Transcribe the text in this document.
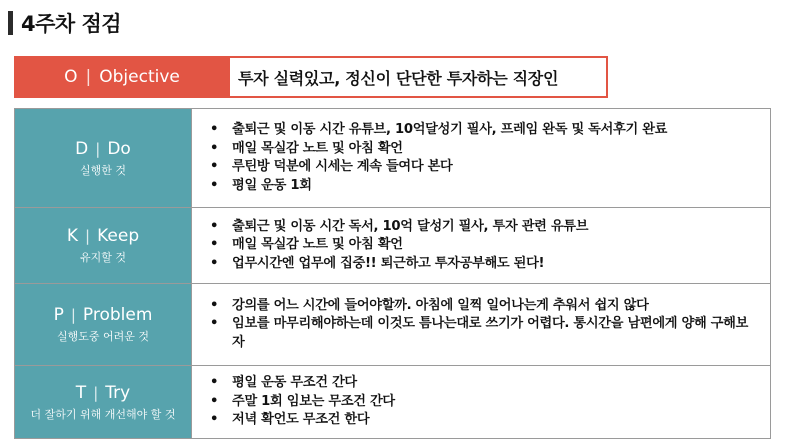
4주차 점검
O | Objective	투자 실력있고, 정신이 단단한 투자하는 직장인
D | Do
실행한 것
• 출퇴근 및 이동 시간 유튜브, 10억달성기 필사, 프레임 완독 및 독서후기 완료
• 매일 목실감 노트 및 아침 확언
• 루틴방 덕분에 시세는 계속 들여다 본다
• 평일 운동 1회
K | Keep
유지할 것
• 출퇴근 및 이동 시간 독서, 10억 달성기 필사, 투자 관련 유튜브
• 매일 목실감 노트 및 아침 확언
• 업무시간엔 업무에 집중!! 퇴근하고 투자공부해도 된다!
P | Problem
실행도중 어려운 것
• 강의를 어느 시간에 들어야할까. 아침에 일찍 일어나는게 추워서 쉽지 않다
• 임보를 마무리해야하는데 이것도 틈나는대로 쓰기가 어렵다. 통시간을 남편에게 양해 구해보자
T | Try
더 잘하기 위해 개선해야 할 것
• 평일 운동 무조건 간다
• 주말 1회 임보는 무조건 간다
• 저녁 확언도 무조건 한다
